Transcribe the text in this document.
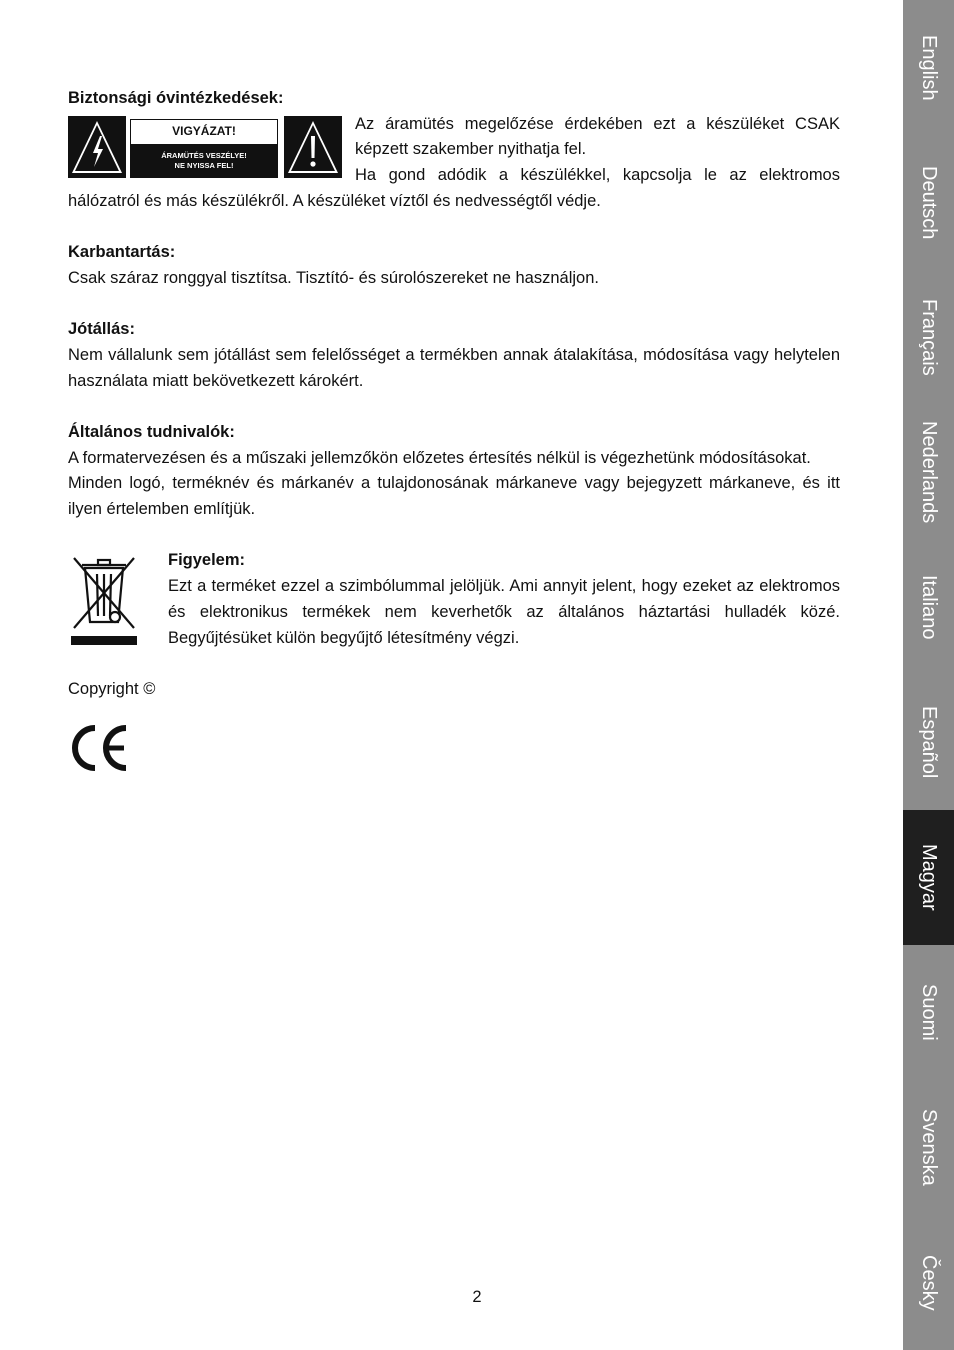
Biztonsági óvintézkedések:
VIGYÁZAT!
ÁRAMÜTÉS VESZÉLYE!
NE NYISSA FEL!
Az áramütés megelőzése érdekében ezt a készüléket CSAK
képzett szakember nyithatja fel.
Ha gond adódik a készülékkel, kapcsolja le az elektromos
hálózatról és más készülékről. A készüléket víztől és nedvességtől védje.
Karbantartás:

Csak száraz ronggyal tisztítsa. Tisztító- és súrolószereket ne használjon.

Jótállás:

Nem vállalunk sem jótállást sem felelősséget a termékben annak átalakítása, módosítása vagy helytelen használata miatt bekövetkezett károkért.

Általános tudnivalók:

A formatervezésen és a műszaki jellemzőkön előzetes értesítés nélkül is végezhetünk módosításokat.

Minden logó, terméknév és márkanév a tulajdonosának márkaneve vagy bejegyzett márkaneve, és itt ilyen értelemben említjük.

Figyelem:

Ezt a terméket ezzel a szimbólummal jelöljük. Ami annyit jelent, hogy ezeket az elektromos és elektronikus termékek nem keverhetők az általános háztartási hulladék közé. Begyűjtésüket külön begyűjtő létesítmény végzi.

Copyright ©
2
English
Deutsch
Français
Nederlands
Italiano
Español
Magyar
Suomi
Svenska
Česky
